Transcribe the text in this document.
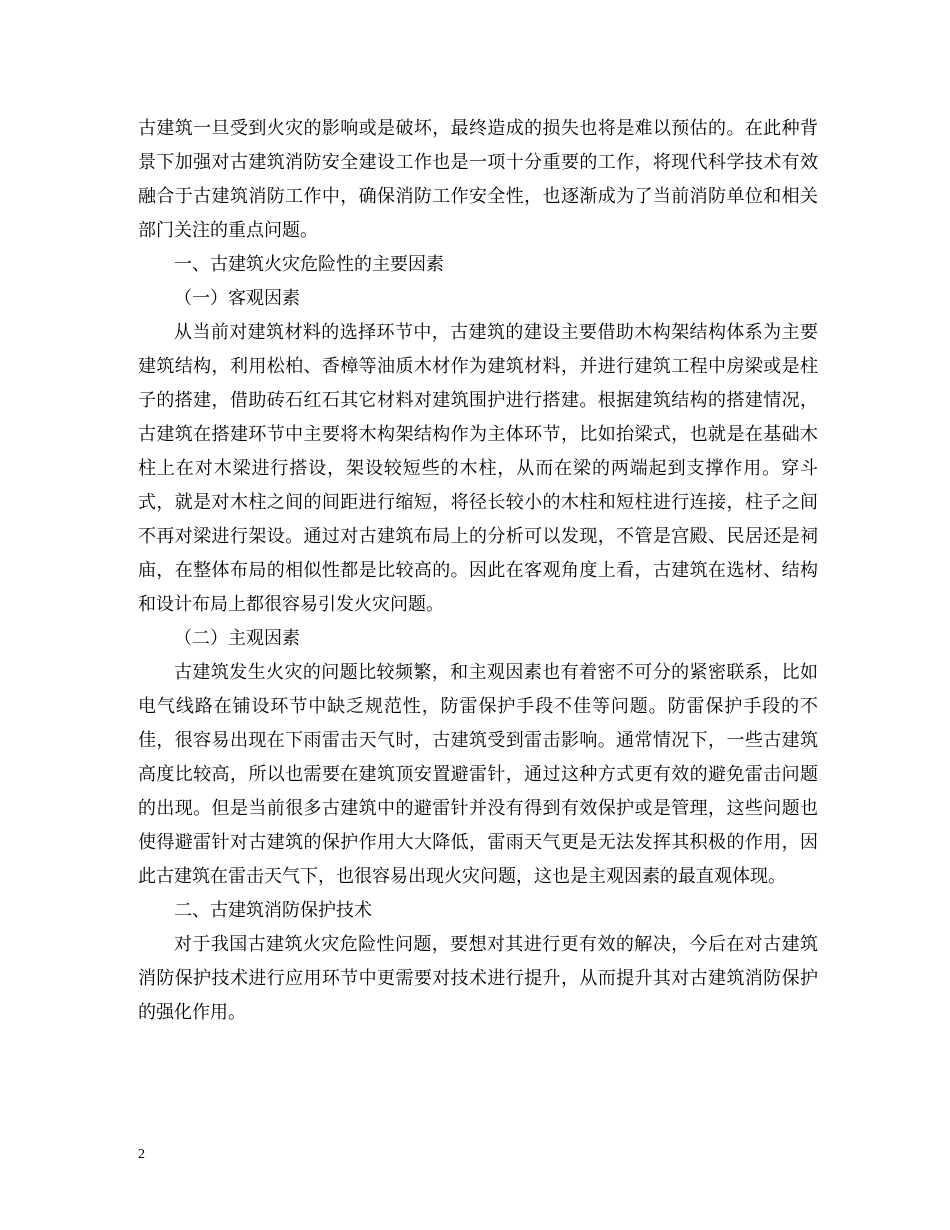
古建筑一旦受到火灾的影响或是破坏，最终造成的损失也将是难以预估的。在此种背景下加强对古建筑消防安全建设工作也是一项十分重要的工作，将现代科学技术有效融合于古建筑消防工作中，确保消防工作安全性，也逐渐成为了当前消防单位和相关部门关注的重点问题。

一、古建筑火灾危险性的主要因素

（一）客观因素

从当前对建筑材料的选择环节中，古建筑的建设主要借助木构架结构体系为主要建筑结构，利用松柏、香樟等油质木材作为建筑材料，并进行建筑工程中房梁或是柱子的搭建，借助砖石红石其它材料对建筑围护进行搭建。根据建筑结构的搭建情况，古建筑在搭建环节中主要将木构架结构作为主体环节，比如抬梁式，也就是在基础木柱上在对木梁进行搭设，架设较短些的木柱，从而在梁的两端起到支撑作用。穿斗式，就是对木柱之间的间距进行缩短，将径长较小的木柱和短柱进行连接，柱子之间不再对梁进行架设。通过对古建筑布局上的分析可以发现，不管是宫殿、民居还是祠庙，在整体布局的相似性都是比较高的。因此在客观角度上看，古建筑在选材、结构和设计布局上都很容易引发火灾问题。

（二）主观因素

古建筑发生火灾的问题比较频繁，和主观因素也有着密不可分的紧密联系，比如电气线路在铺设环节中缺乏规范性，防雷保护手段不佳等问题。防雷保护手段的不佳，很容易出现在下雨雷击天气时，古建筑受到雷击影响。通常情况下，一些古建筑高度比较高，所以也需要在建筑顶安置避雷针，通过这种方式更有效的避免雷击问题的出现。但是当前很多古建筑中的避雷针并没有得到有效保护或是管理，这些问题也使得避雷针对古建筑的保护作用大大降低，雷雨天气更是无法发挥其积极的作用，因此古建筑在雷击天气下，也很容易出现火灾问题，这也是主观因素的最直观体现。

二、古建筑消防保护技术

对于我国古建筑火灾危险性问题，要想对其进行更有效的解决，今后在对古建筑消防保护技术进行应用环节中更需要对技术进行提升，从而提升其对古建筑消防保护的强化作用。

2
